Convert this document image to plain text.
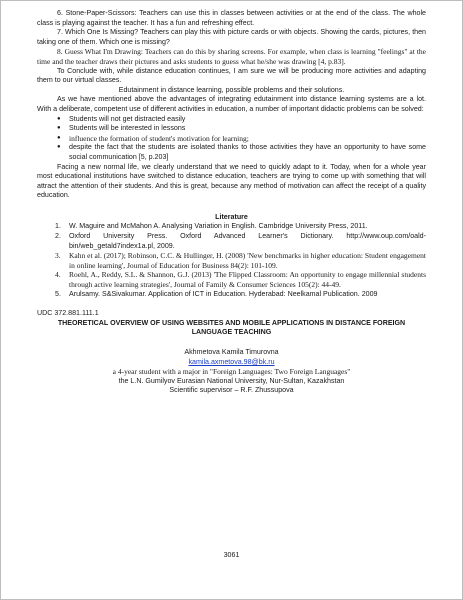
6. Stone-Paper-Scissors: Teachers can use this in classes between activities or at the end of the class. The whole class is playing against the teacher. It has a fun and refreshing effect.

7. Which One Is Missing? Teachers can play this with picture cards or with objects. Showing the cards, pictures, then taking one of them. Which one is missing?

8. Guess What I'm Drawing: Teachers can do this by sharing screens. For example, when class is learning "feelings" at the time and the teacher draws their pictures and asks students to guess what he/she was drawing [4, p.83].

To Conclude with, while distance education continues, I am sure we will be producing more activities and adapting them to our virtual classes.

Edutainment in distance learning, possible problems and their solutions.

As we have mentioned above the advantages of integrating edutainment into distance learning systems are a lot. With a deliberate, competent use of different activities in education, a number of important didactic problems can be solved:

● Students will not get distracted easily
● Students will be interested in lessons
● influence the formation of student's motivation for learning;
● despite the fact that the students are isolated thanks to those activities they have an opportunity to have some social communication [5, p.203]

Facing a new normal life, we clearly understand that we need to quickly adapt to it. Today, when for a whole year most educational institutions have switched to distance education, teachers are trying to come up with something that will attract the attention of their students. And this is great, because any method of motivation can affect the receipt of a quality education.

Literature
1.	W. Maguire and McMahon A. Analysing Variation in English. Cambridge University Press, 2011.
2.	Oxford University Press. Oxford Advanced Learner's Dictionary. http://www.oup.com/oald-bin/web_getald7index1a.pl, 2009.
3.	Kahn et al. (2017); Robinson, C.C. & Hullinger, H. (2008) 'New benchmarks in higher education: Student engagement in online learning', Journal of Education for Business 84(2): 101-109.
4.	Roehl, A., Reddy, S.L. & Shannon, G.J. (2013) 'The Flipped Classroom: An opportunity to engage millennial students through active learning strategies', Journal of Family & Consumer Sciences 105(2): 44-49.
5.	Arulsamy. S&Sivakumar. Application of ICT in Education. Hyderabad: Neelkamal Publication. 2009
UDC 372.881.111.1
THEORETICAL OVERVIEW OF USING WEBSITES AND MOBILE APPLICATIONS IN DISTANCE FOREIGN LANGUAGE TEACHING
Akhmetova Kamila Timurovna
kamila.axmetova.98@bk.ru
a 4-year student with a major in "Foreign Languages: Two Foreign Languages"
the L.N. Gumilyov Eurasian National University, Nur-Sultan, Kazakhstan
Scientific supervisor – R.F. Zhussupova
3061
